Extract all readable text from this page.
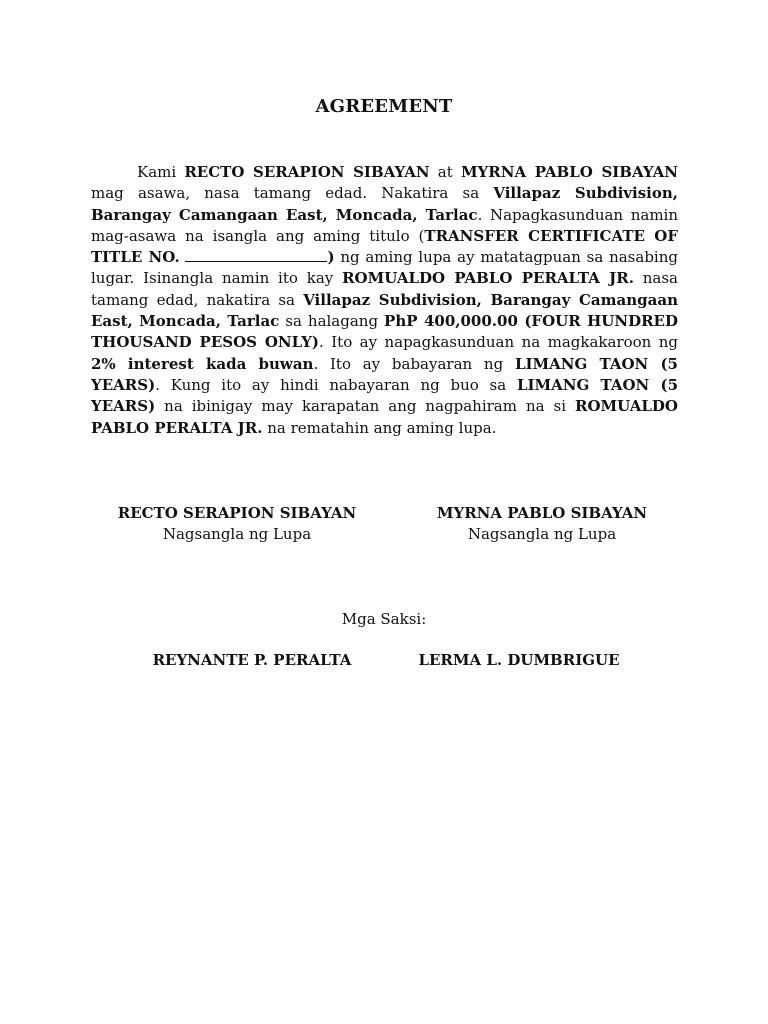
AGREEMENT

Kami RECTO SERAPION SIBAYAN at MYRNA PABLO SIBAYAN mag asawa, nasa tamang edad. Nakatira sa Villapaz Subdivision, Barangay Camangaan East, Moncada, Tarlac. Napagkasunduan namin mag-asawa na isangla ang aming titulo (TRANSFER CERTIFICATE OF TITLE NO.	) ng aming lupa ay matatagpuan sa nasabing lugar. Isinangla namin ito kay ROMUALDO PABLO PERALTA JR. nasa tamang edad, nakatira sa Villapaz Subdivision, Barangay Camangaan East, Moncada, Tarlac sa halagang PhP 400,000.00 (FOUR HUNDRED THOUSAND PESOS ONLY). Ito ay napagkasunduan na magkakaroon ng 2% interest kada buwan. Ito ay babayaran ng LIMANG TAON (5 YEARS). Kung ito ay hindi nabayaran ng buo sa LIMANG TAON (5 YEARS) na ibinigay may karapatan ang nagpahiram na si ROMUALDO PABLO PERALTA JR. na rematahin ang aming lupa.

RECTO SERAPION SIBAYAN
Nagsangla ng Lupa
MYRNA PABLO SIBAYAN
Nagsangla ng Lupa
Mga Saksi:
REYNANTE P. PERALTA	LERMA L. DUMBRIGUE
